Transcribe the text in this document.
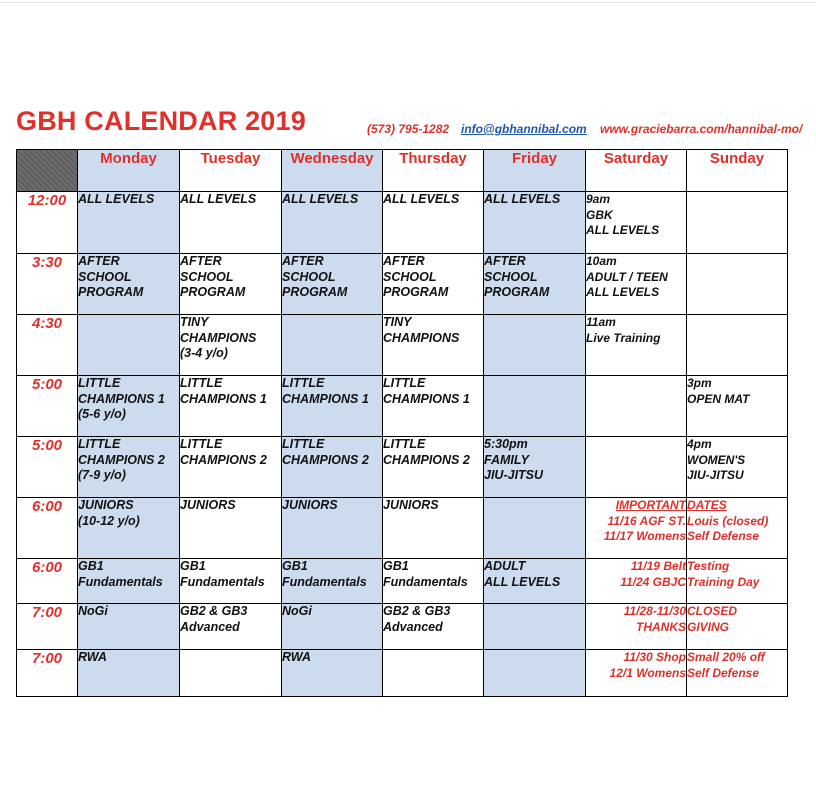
GBH CALENDAR 2019	(573) 795-1282 info@gbhannibal.com www.graciebarra.com/hannibal-mo/
	Monday	Tuesday	Wednesday	Thursday	Friday	Saturday	Sunday
12:00	ALL LEVELS	ALL LEVELS	ALL LEVELS	ALL LEVELS	ALL LEVELS	9am
GBK
ALL LEVELS	
3:30	AFTER
SCHOOL
PROGRAM	AFTER
SCHOOL
PROGRAM	AFTER
SCHOOL
PROGRAM	AFTER
SCHOOL
PROGRAM	AFTER
SCHOOL
PROGRAM	10am
ADULT / TEEN
ALL LEVELS	
4:30		TINY
CHAMPIONS
(3-4 y/o)		TINY
CHAMPIONS		11am
Live Training	
5:00	LITTLE
CHAMPIONS 1
(5-6 y/o)	LITTLE
CHAMPIONS 1	LITTLE
CHAMPIONS 1	LITTLE
CHAMPIONS 1			3pm
OPEN MAT
5:00	LITTLE
CHAMPIONS 2
(7-9 y/o)	LITTLE
CHAMPIONS 2	LITTLE
CHAMPIONS 2	LITTLE
CHAMPIONS 2	5:30pm
FAMILY
JIU-JITSU		4pm
WOMEN'S
JIU-JITSU
6:00	JUNIORS
(10-12 y/o)	JUNIORS	JUNIORS	JUNIORS		IMPORTANT
11/16 AGF ST.
11/17 Womens	DATES
Louis (closed)
Self Defense
6:00	GB1
Fundamentals	GB1
Fundamentals	GB1
Fundamentals	GB1
Fundamentals	ADULT
ALL LEVELS	11/19 Belt
11/24 GBJC	Testing
Training Day
7:00	NoGi	GB2 & GB3
Advanced	NoGi	GB2 & GB3
Advanced		11/28-11/30
THANKS	CLOSED
GIVING
7:00	RWA		RWA			11/30 Shop
12/1 Womens	Small 20% off
Self Defense
